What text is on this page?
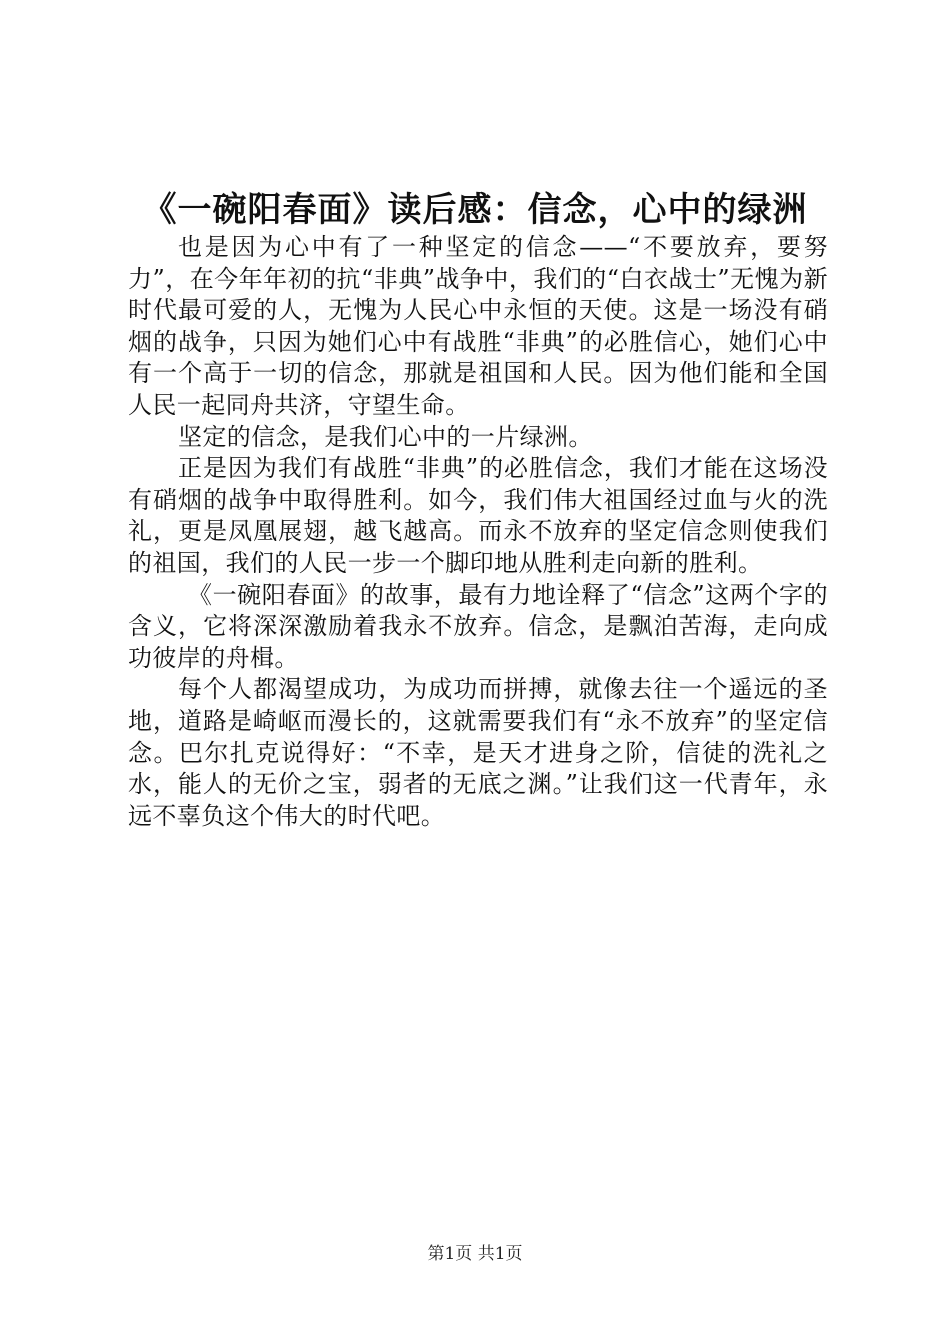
《一碗阳春面》读后感：信念，心中的绿洲

也是因为心中有了一种坚定的信念——“不要放弃，要努力”，在今年年初的抗“非典”战争中，我们的“白衣战士”无愧为新时代最可爱的人，无愧为人民心中永恒的天使。这是一场没有硝烟的战争，只因为她们心中有战胜“非典”的必胜信心，她们心中有一个高于一切的信念，那就是祖国和人民。因为他们能和全国人民一起同舟共济，守望生命。

坚定的信念，是我们心中的一片绿洲。

正是因为我们有战胜“非典”的必胜信念，我们才能在这场没有硝烟的战争中取得胜利。如今，我们伟大祖国经过血与火的洗礼，更是凤凰展翅，越飞越高。而永不放弃的坚定信念则使我们的祖国，我们的人民一步一个脚印地从胜利走向新的胜利。

《一碗阳春面》的故事，最有力地诠释了“信念”这两个字的含义，它将深深激励着我永不放弃。信念，是飘泊苦海，走向成功彼岸的舟楫。

每个人都渴望成功，为成功而拼搏，就像去往一个遥远的圣地，道路是崎岖而漫长的，这就需要我们有“永不放弃”的坚定信念。巴尔扎克说得好：“不幸，是天才进身之阶，信徒的洗礼之水，能人的无价之宝，弱者的无底之渊。”让我们这一代青年，永远不辜负这个伟大的时代吧。

第1页 共1页
